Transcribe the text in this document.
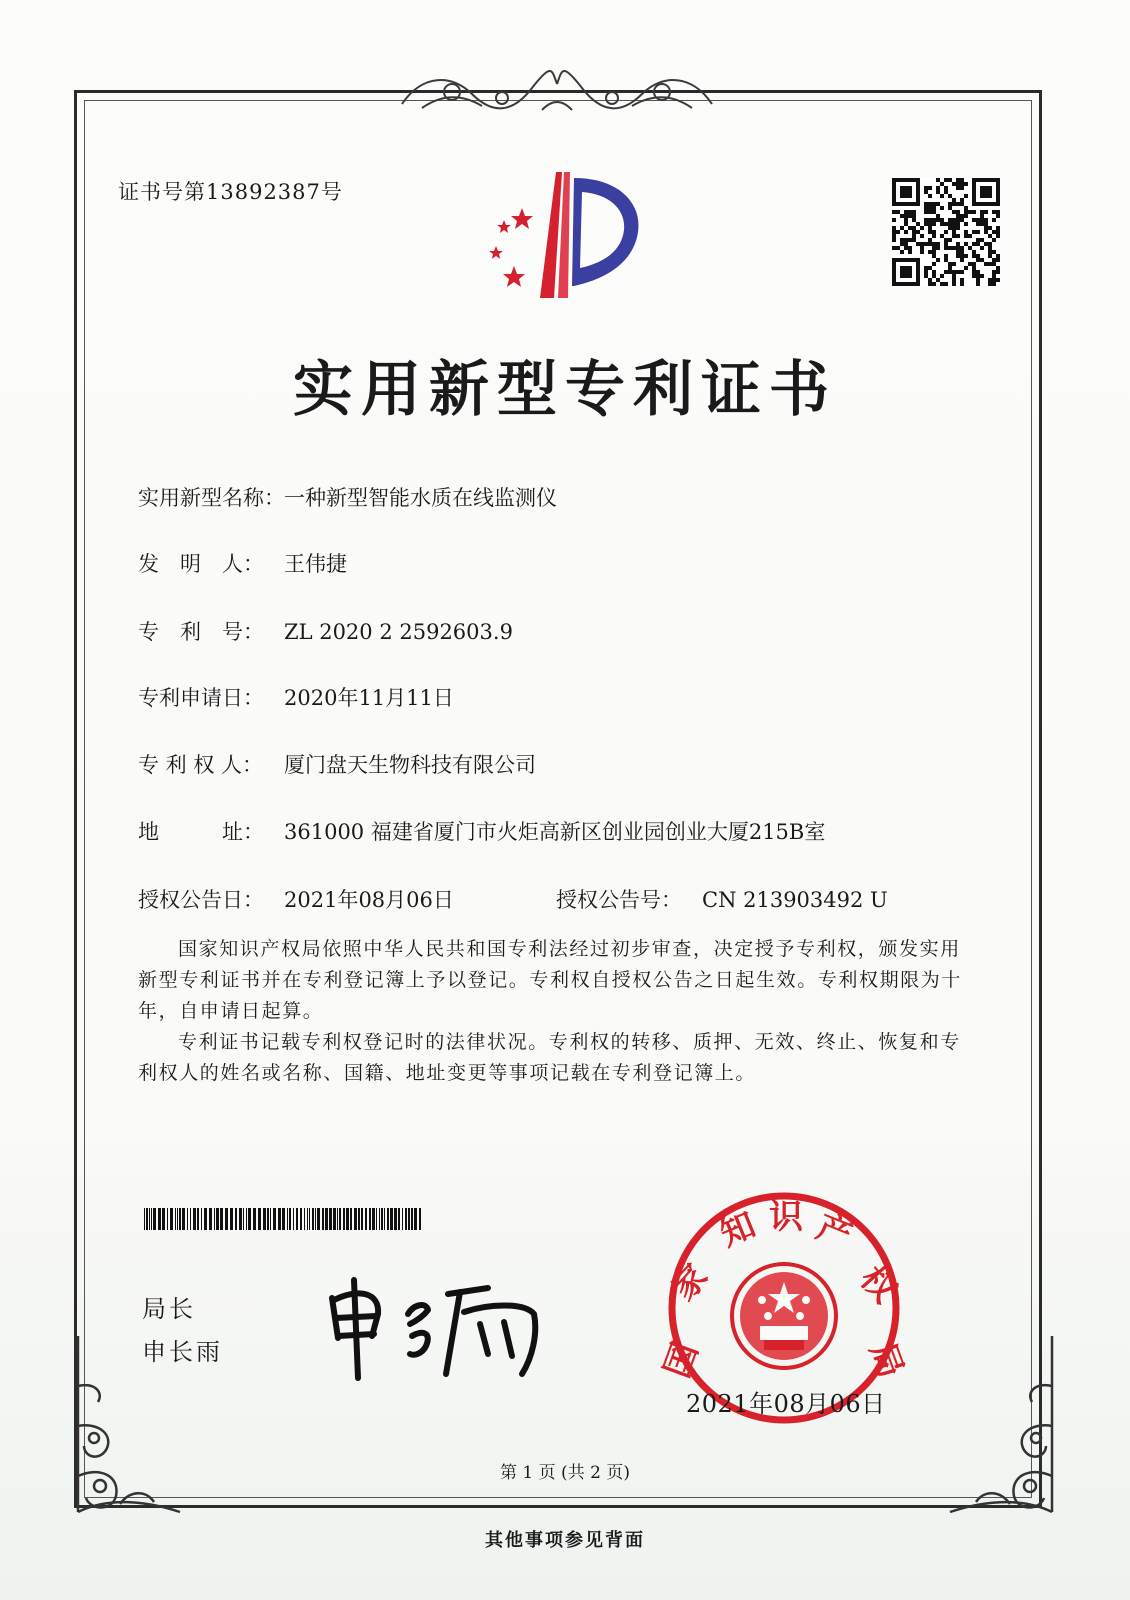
证书号第13892387号
实用新型专利证书
实用新型名称：一种新型智能水质在线监测仪
发　明　人： 王伟捷
专　利　号： ZL 2020 2 2592603.9
专利申请日： 2020年11月11日
专 利 权 人： 厦门盘天生物科技有限公司
地　　　址： 361000 福建省厦门市火炬高新区创业园创业大厦215B室
授权公告日： 2021年08月06日	授权公告号： CN 213903492 U

国家知识产权局依照中华人民共和国专利法经过初步审查，决定授予专利权，颁发实用新型专利证书并在专利登记簿上予以登记。专利权自授权公告之日起生效。专利权期限为十年，自申请日起算。

专利证书记载专利权登记时的法律状况。专利权的转移、质押、无效、终止、恢复和专利权人的姓名或名称、国籍、地址变更等事项记载在专利登记簿上。

局长
申长雨	国
家
知 识 产
权
局
2021年08月06日
第 1 页 (共 2 页)
其他事项参见背面
